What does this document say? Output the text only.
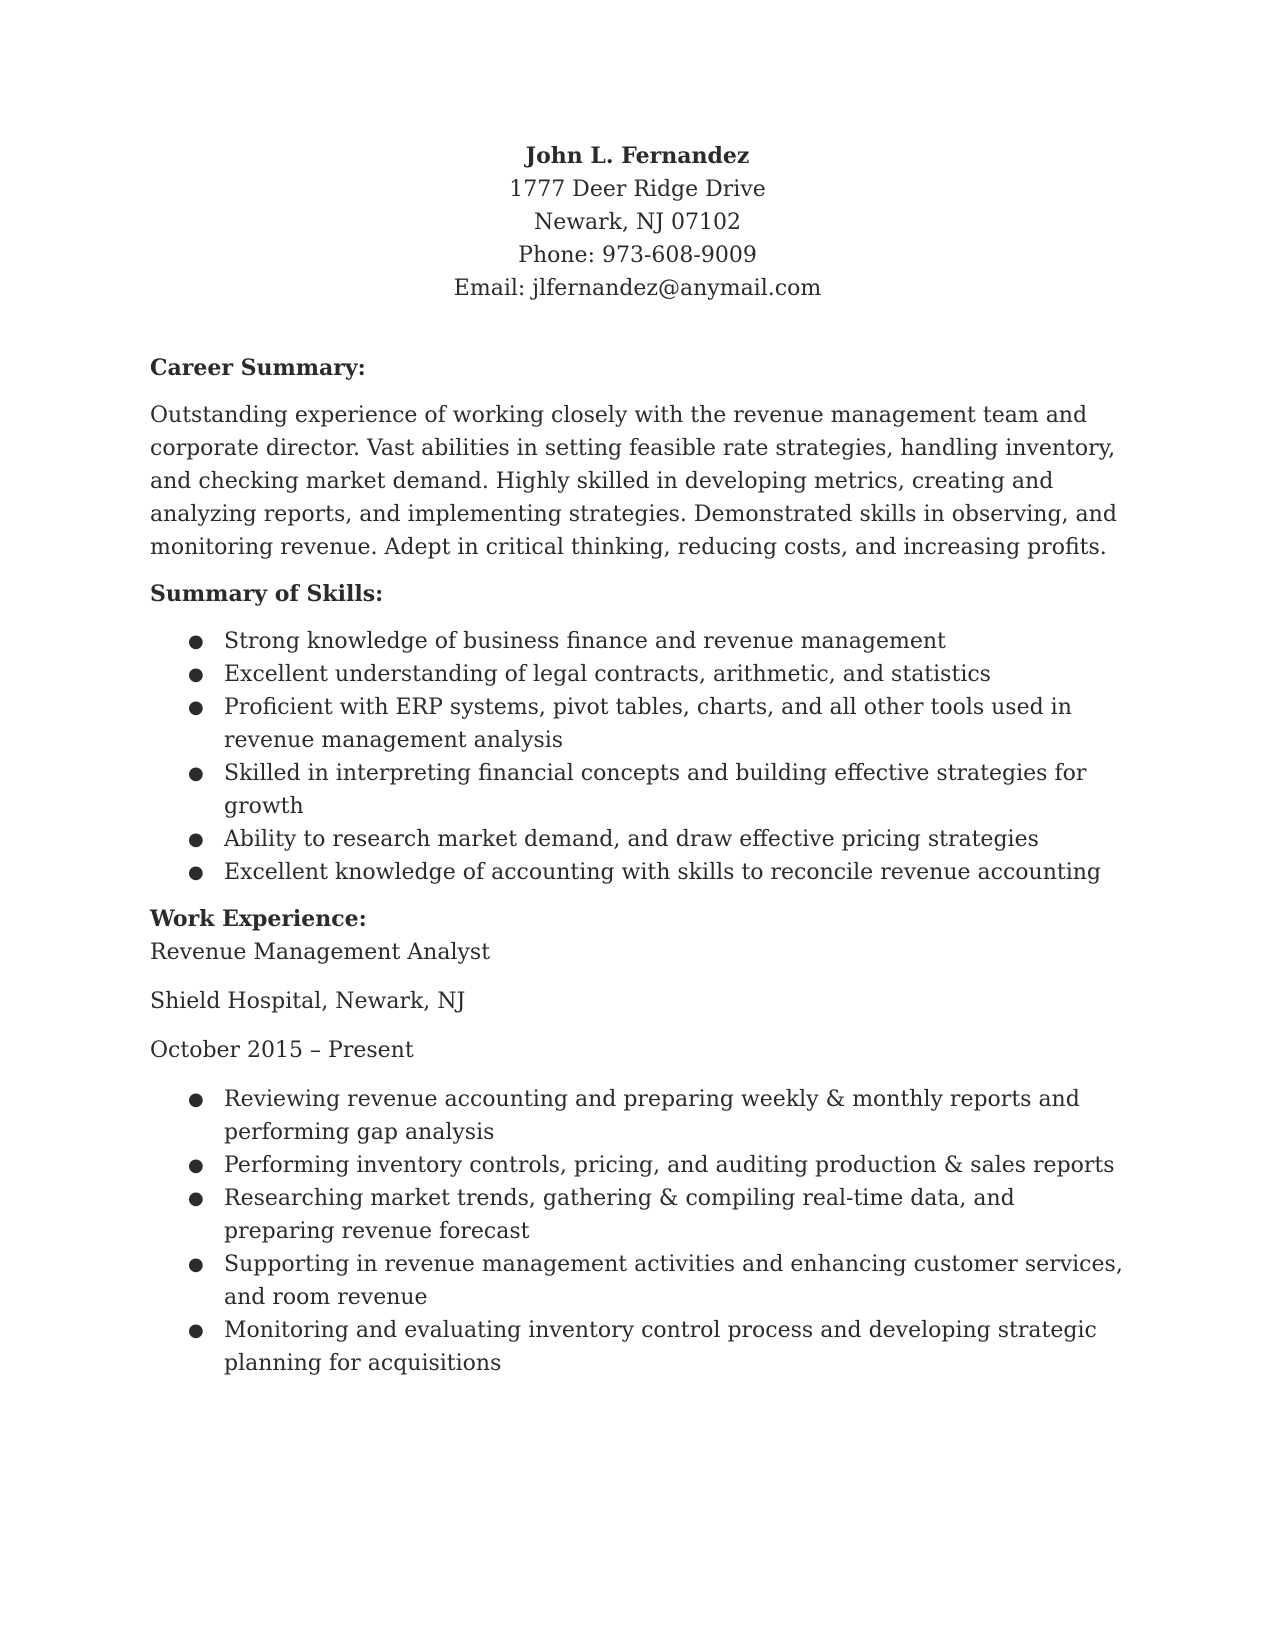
John L. Fernandez
1777 Deer Ridge Drive
Newark, NJ 07102
Phone: 973-608-9009
Email: jlfernandez@anymail.com
Career Summary:

Outstanding experience of working closely with the revenue management team and corporate director. Vast abilities in setting feasible rate strategies, handling inventory, and checking market demand. Highly skilled in developing metrics, creating and analyzing reports, and implementing strategies. Demonstrated skills in observing, and monitoring revenue. Adept in critical thinking, reducing costs, and increasing profits.

Summary of Skills:
● Strong knowledge of business finance and revenue management
● Excellent understanding of legal contracts, arithmetic, and statistics
● Proficient with ERP systems, pivot tables, charts, and all other tools used in revenue management analysis
● Skilled in interpreting financial concepts and building effective strategies for growth
● Ability to research market demand, and draw effective pricing strategies
● Excellent knowledge of accounting with skills to reconcile revenue accounting
Work Experience:
Revenue Management Analyst
Shield Hospital, Newark, NJ
October 2015 – Present
● Reviewing revenue accounting and preparing weekly & monthly reports and performing gap analysis
● Performing inventory controls, pricing, and auditing production & sales reports
● Researching market trends, gathering & compiling real-time data, and preparing revenue forecast
● Supporting in revenue management activities and enhancing customer services, and room revenue
● Monitoring and evaluating inventory control process and developing strategic planning for acquisitions
